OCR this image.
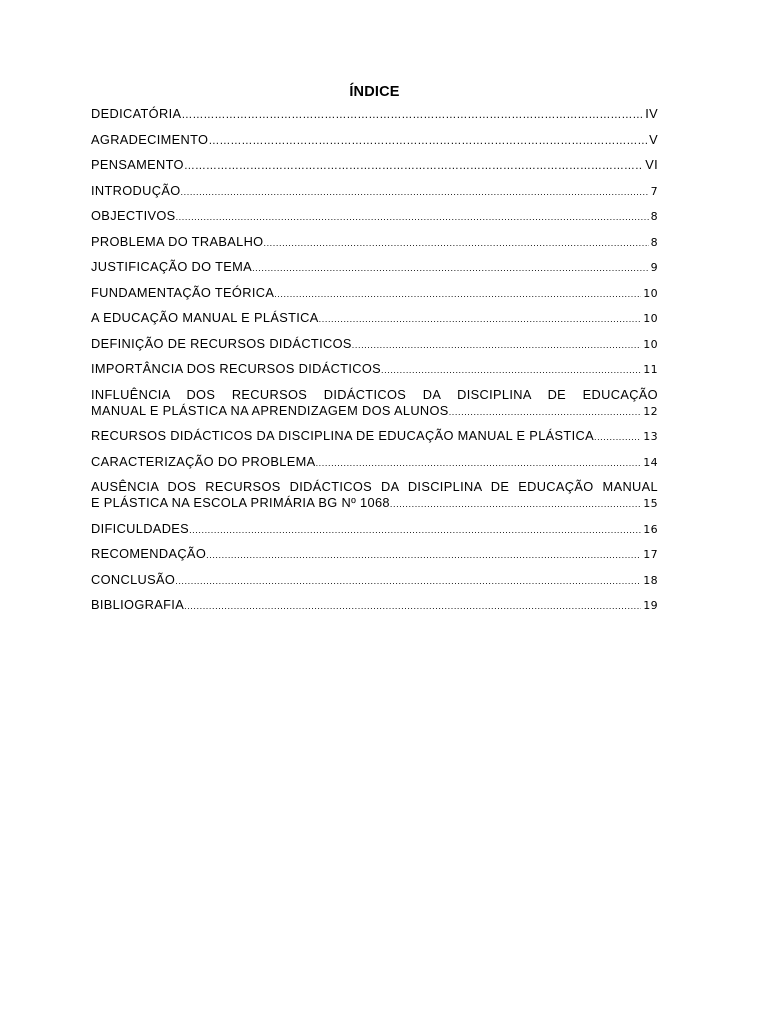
ÍNDICE
DEDICATÓRIA ……………………………………………………………………………………………………………………………………	IV
AGRADECIMENTO ……………………………………………………………………………………………………………………………………	V
PENSAMENTO ……………………………………………………………………………………………………………………………………	VI
INTRODUÇÃO .....	7
OBJECTIVOS .....	8
PROBLEMA DO TRABALHO .....	8
JUSTIFICAÇÃO DO TEMA .....	9
FUNDAMENTAÇÃO TEÓRICA .....	10
A EDUCAÇÃO MANUAL E PLÁSTICA .....	10
DEFINIÇÃO DE RECURSOS DIDÁCTICOS .....	10
IMPORTÂNCIA DOS RECURSOS DIDÁCTICOS .....	11
INFLUÊNCIA DOS RECURSOS DIDÁCTICOS DA DISCIPLINA DE EDUCAÇÃO
MANUAL E PLÁSTICA NA APRENDIZAGEM DOS ALUNOS .....	12
RECURSOS DIDÁCTICOS DA DISCIPLINA DE EDUCAÇÃO MANUAL E PLÁSTICA .....	13
CARACTERIZAÇÃO DO PROBLEMA .....	14
AUSÊNCIA DOS RECURSOS DIDÁCTICOS DA DISCIPLINA DE EDUCAÇÃO MANUAL
E PLÁSTICA NA ESCOLA PRIMÁRIA BG Nº 1068 .....	15
DIFICULDADES .....	16
RECOMENDAÇÃO .....	17
CONCLUSÃO .....	18
BIBLIOGRAFIA .....	19
